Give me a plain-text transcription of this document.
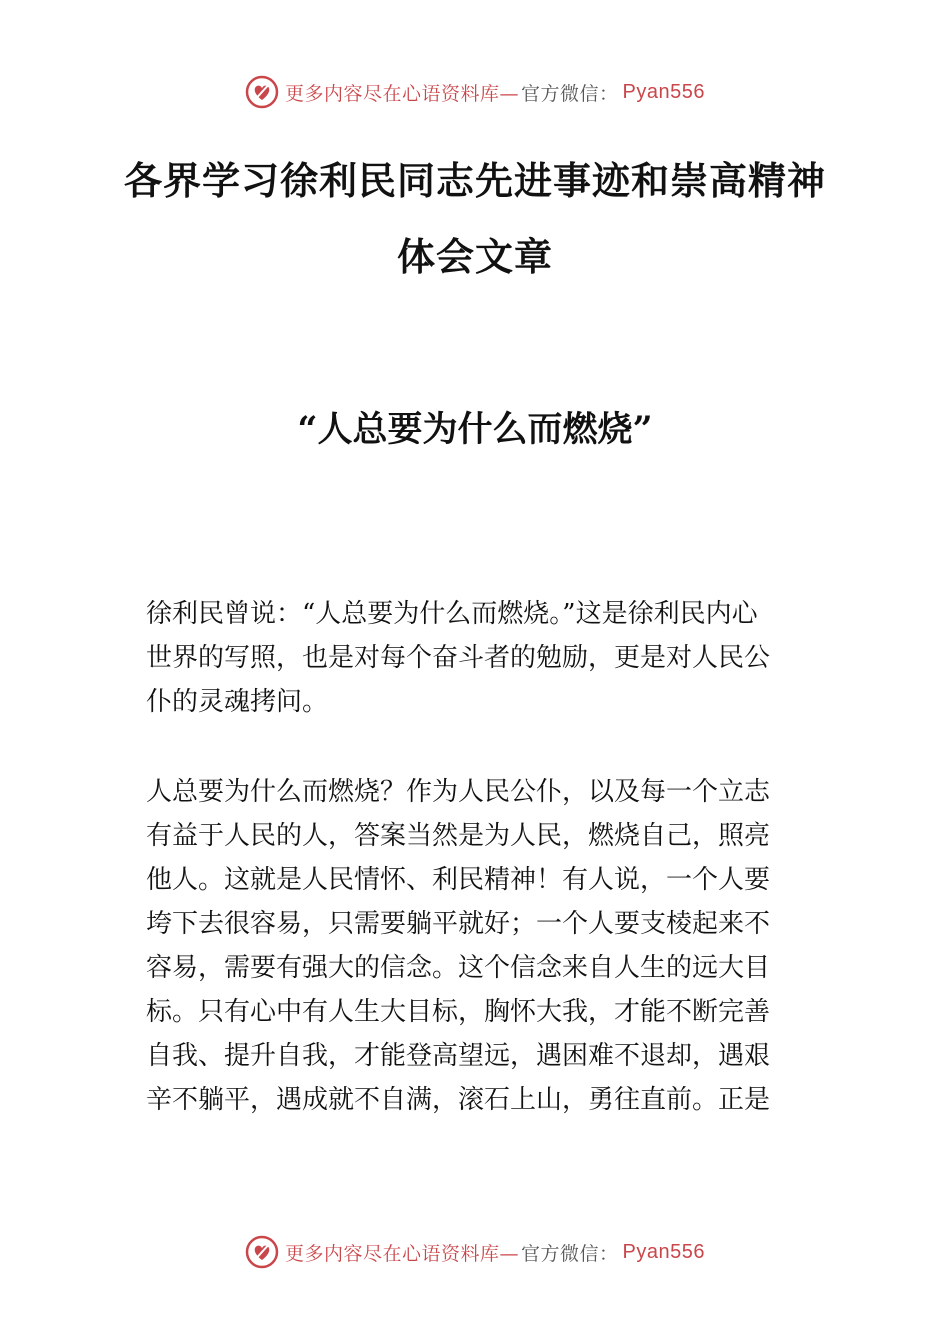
更多内容尽在心语资料库— 官方微信： Pyan556
各界学习徐利民同志先进事迹和崇高精神
体会文章
“人总要为什么而燃烧”
徐利民曾说：“人总要为什么而燃烧。”这是徐利民内心
世界的写照，也是对每个奋斗者的勉励，更是对人民公
仆的灵魂拷问。
人总要为什么而燃烧？作为人民公仆，以及每一个立志
有益于人民的人，答案当然是为人民，燃烧自己，照亮
他人。这就是人民情怀、利民精神！有人说，一个人要
垮下去很容易，只需要躺平就好；一个人要支棱起来不
容易，需要有强大的信念。这个信念来自人生的远大目
标。只有心中有人生大目标，胸怀大我，才能不断完善
自我、提升自我，才能登高望远，遇困难不退却，遇艰
辛不躺平，遇成就不自满，滚石上山，勇往直前。正是
更多内容尽在心语资料库— 官方微信： Pyan556
